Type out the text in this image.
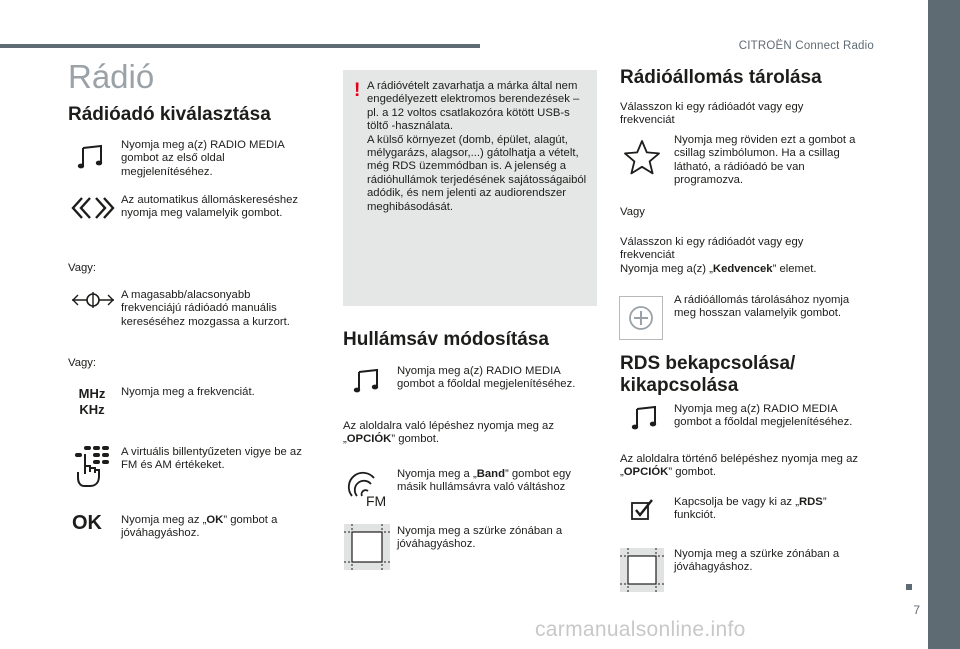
CITROËN Connect Radio
7
carmanualsonline.info
Rádió
Rádióadó kiválasztása
Nyomja meg a(z) RADIO MEDIA gombot az első oldal megjelenítéséhez.
Az automatikus állomáskereséshez nyomja meg valamelyik gombot.
Vagy:
A magasabb/alacsonyabb frekvenciájú rádióadó manuális kereséséhez mozgassa a kurzort.
Vagy:
MHz
KHz
Nyomja meg a frekvenciát.
A virtuális billentyűzeten vigye be az FM és AM értékeket.
OK Nyomja meg az „OK” gombot a jóváhagyáshoz.
! A rádióvételt zavarhatja a márka által nem engedélyezett elektromos berendezések – pl. a 12 voltos csatlakozóra kötött USB-s töltő -használata.
A külső környezet (domb, épület, alagút, mélygarázs, alagsor,...) gátolhatja a vételt, még RDS üzemmódban is. A jelenség a rádióhullámok terjedésének sajátosságaiból adódik, és nem jelenti az audiorendszer meghibásodását.
Hullámsáv módosítása
Nyomja meg a(z) RADIO MEDIA gombot a főoldal megjelenítéséhez.
Az aloldalra való lépéshez nyomja meg az „OPCIÓK” gombot.
FM
Nyomja meg a „Band” gombot egy másik hullámsávra való váltáshoz
Nyomja meg a szürke zónában a jóváhagyáshoz.
Rádióállomás tárolása
Válasszon ki egy rádióadót vagy egy frekvenciát
Nyomja meg röviden ezt a gombot a csillag szimbólumon. Ha a csillag látható, a rádióadó be van programozva.
Vagy
Válasszon ki egy rádióadót vagy egy frekvenciát
Nyomja meg a(z) „Kedvencek” elemet.
A rádióállomás tárolásához nyomja meg hosszan valamelyik gombot.
RDS bekapcsolása/
kikapcsolása
Nyomja meg a(z) RADIO MEDIA gombot a főoldal megjelenítéséhez.
Az aloldalra történő belépéshez nyomja meg az „OPCIÓK” gombot.
Kapcsolja be vagy ki az „RDS” funkciót.
Nyomja meg a szürke zónában a jóváhagyáshoz.
